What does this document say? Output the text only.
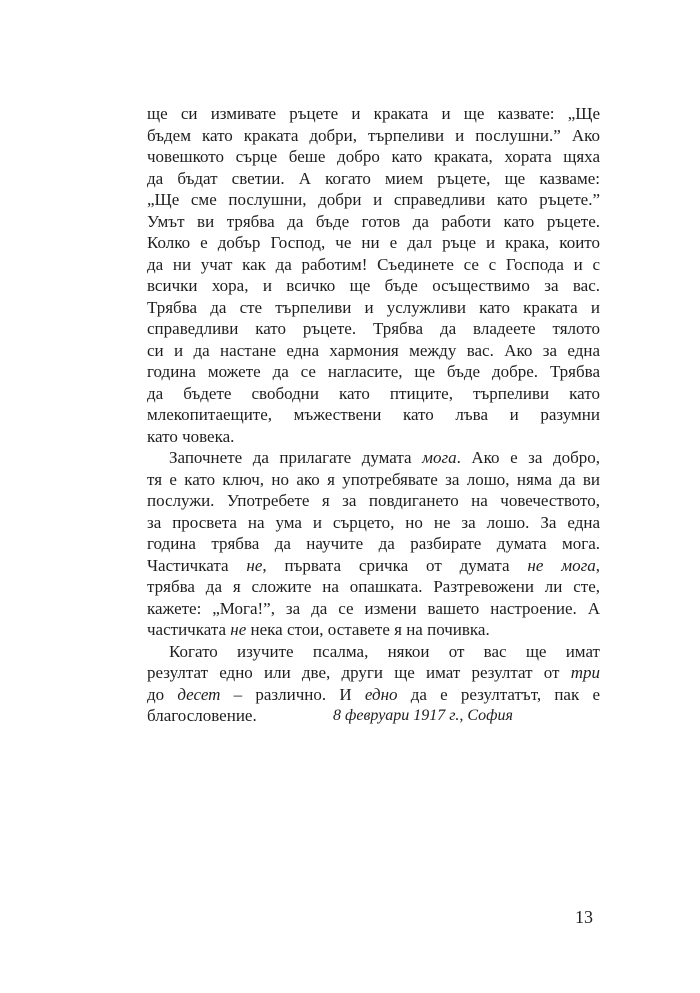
ще си измивате ръцете и краката и ще казвате: „Ще
бъдем като краката добри, търпеливи и послушни.” Ако
човешкото сърце беше добро като краката, хората щяха
да бъдат светии. А когато мием ръцете, ще казваме:
„Ще сме послушни, добри и справедливи като ръцете.”
Умът ви трябва да бъде готов да работи като ръцете.
Колко е добър Господ, че ни е дал ръце и крака, които
да ни учат как да работим! Съединете се с Господа и с
всички хора, и всичко ще бъде осъществимо за вас.
Трябва да сте търпеливи и услужливи като краката и
справедливи като ръцете. Трябва да владеете тялото
си и да настане една хармония между вас. Ако за една
година можете да се нагласите, ще бъде добре. Трябва
да бъдете свободни като птиците, търпеливи като
млекопитаещите, мъжествени като лъва и разумни
като човека.
Започнете да прилагате думата мога. Ако е за добро,
тя е като ключ, но ако я употребявате за лошо, няма да ви
послужи. Употребете я за повдигането на човечеството,
за просвета на ума и сърцето, но не за лошо. За една
година трябва да научите да разбирате думата мога.
Частичката не, първата сричка от думата не мога,
трябва да я сложите на опашката. Разтревожени ли сте,
кажете: „Мога!”, за да се измени вашето настроение. А
частичката не нека стои, оставете я на почивка.
Когато изучите псалма, някои от вас ще имат
резултат едно или две, други ще имат резултат от три
до десет – различно. И едно да е резултатът, пак е
благословение.	8 февруари 1917 г., София
13
